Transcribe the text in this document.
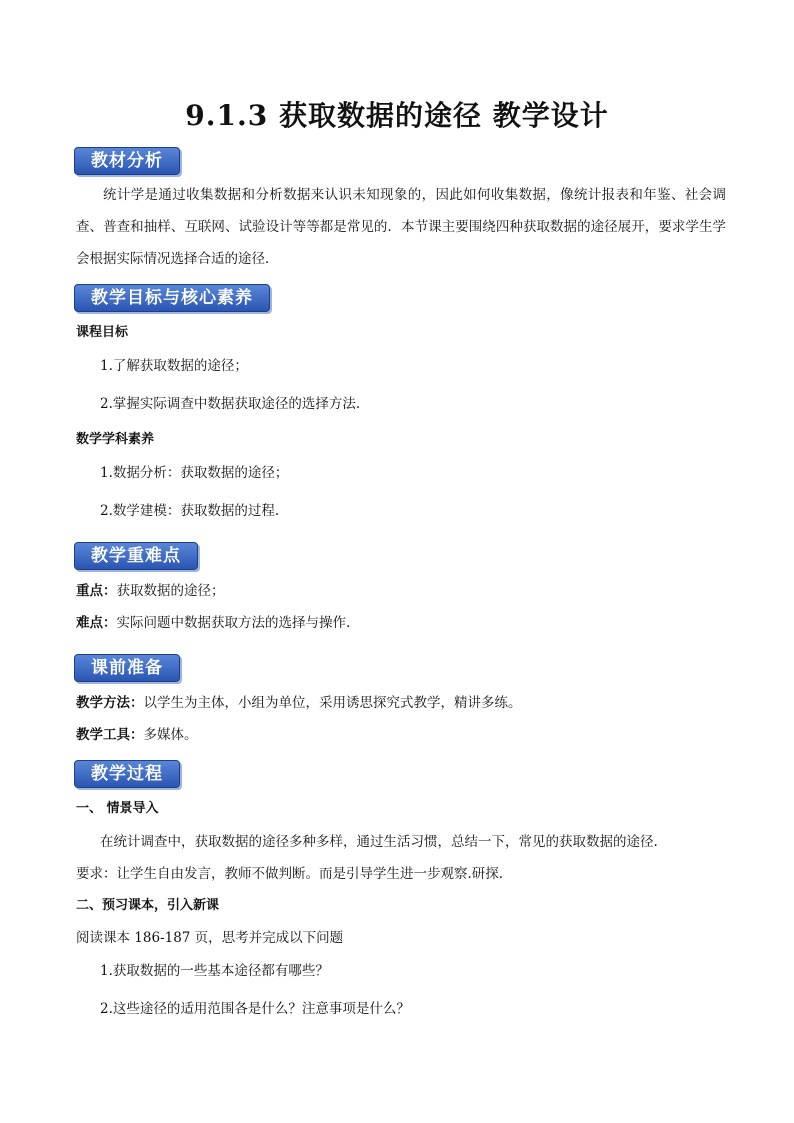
9.1.3 获取数据的途径 教学设计
教材分析
统计学是通过收集数据和分析数据来认识未知现象的，因此如何收集数据，像统计报表和年鉴、社会调查、普查和抽样、互联网、试验设计等等都是常见的．本节课主要围绕四种获取数据的途径展开，要求学生学会根据实际情况选择合适的途径．
教学目标与核心素养
课程目标
1.了解获取数据的途径；
2.掌握实际调查中数据获取途径的选择方法.
数学学科素养
1.数据分析：获取数据的途径；
2.数学建模：获取数据的过程.
教学重难点
重点：获取数据的途径；
难点：实际问题中数据获取方法的选择与操作.
课前准备
教学方法：以学生为主体，小组为单位，采用诱思探究式教学，精讲多练。
教学工具：多媒体。
教学过程
一、 情景导入
在统计调查中，获取数据的途径多种多样，通过生活习惯，总结一下，常见的获取数据的途径.
要求：让学生自由发言，教师不做判断。而是引导学生进一步观察.研探.
二、预习课本，引入新课
阅读课本 186-187 页，思考并完成以下问题
1.获取数据的一些基本途径都有哪些？
2.这些途径的适用范围各是什么？注意事项是什么？
